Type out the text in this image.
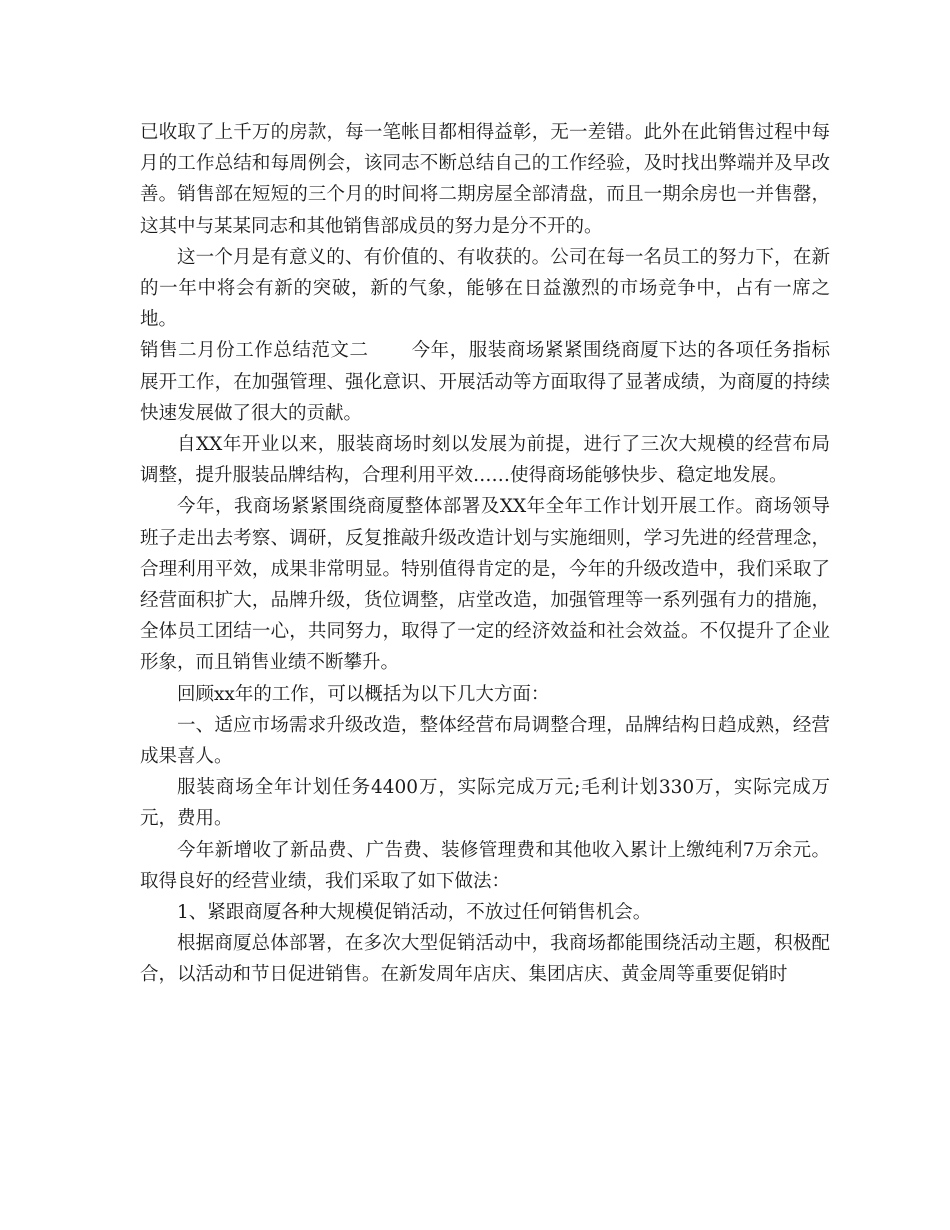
已收取了上千万的房款，每一笔帐目都相得益彰，无一差错。此外在此销售过程中每月的工作总结和每周例会，该同志不断总结自己的工作经验，及时找出弊端并及早改善。销售部在短短的三个月的时间将二期房屋全部清盘，而且一期余房也一并售罄，这其中与某某同志和其他销售部成员的努力是分不开的。

这一个月是有意义的、有价值的、有收获的。公司在每一名员工的努力下，在新的一年中将会有新的突破，新的气象，能够在日益激烈的市场竞争中，占有一席之地。

销售二月份工作总结范文二 今年，服装商场紧紧围绕商厦下达的各项任务指标展开工作，在加强管理、强化意识、开展活动等方面取得了显著成绩，为商厦的持续快速发展做了很大的贡献。

自XX年开业以来，服装商场时刻以发展为前提，进行了三次大规模的经营布局调整，提升服装品牌结构，合理利用平效……使得商场能够快步、稳定地发展。

今年，我商场紧紧围绕商厦整体部署及XX年全年工作计划开展工作。商场领导班子走出去考察、调研，反复推敲升级改造计划与实施细则，学习先进的经营理念，合理利用平效，成果非常明显。特别值得肯定的是，今年的升级改造中，我们采取了经营面积扩大，品牌升级，货位调整，店堂改造，加强管理等一系列强有力的措施，全体员工团结一心，共同努力，取得了一定的经济效益和社会效益。不仅提升了企业形象，而且销售业绩不断攀升。

回顾xx年的工作，可以概括为以下几大方面：

一、适应市场需求升级改造，整体经营布局调整合理，品牌结构日趋成熟，经营成果喜人。

服装商场全年计划任务4400万，实际完成万元;毛利计划330万，实际完成万元，费用。

今年新增收了新品费、广告费、装修管理费和其他收入累计上缴纯利7万余元。取得良好的经营业绩，我们采取了如下做法：

1、紧跟商厦各种大规模促销活动，不放过任何销售机会。

根据商厦总体部署，在多次大型促销活动中，我商场都能围绕活动主题，积极配合，以活动和节日促进销售。在新发周年店庆、集团店庆、黄金周等重要促销时
